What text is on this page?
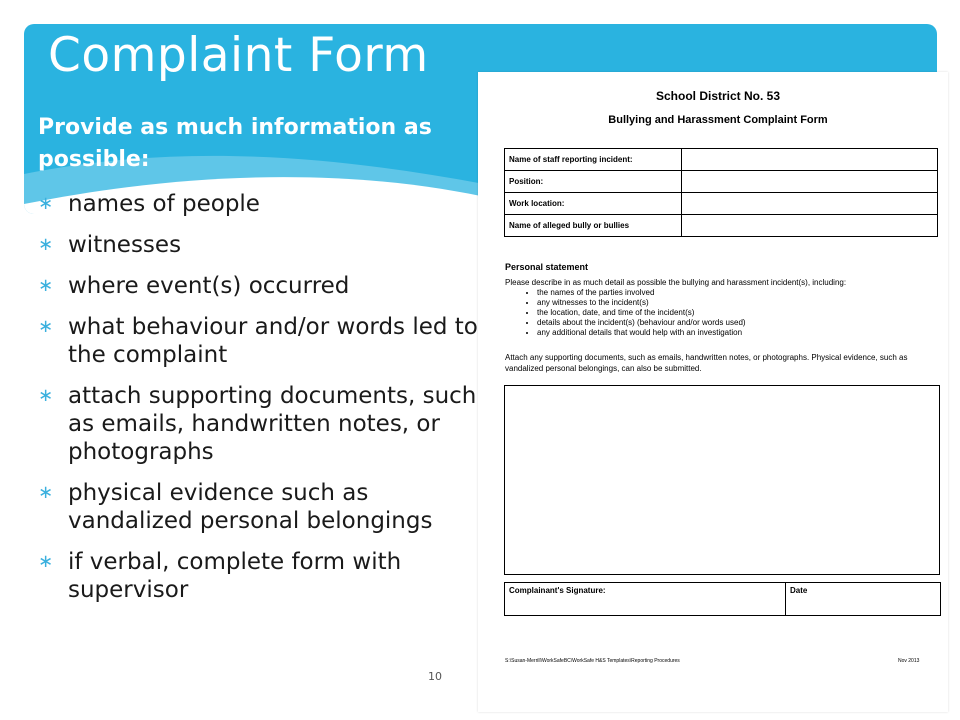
Complaint Form
Provide as much information as possible:
∗ names of people
∗ witnesses
∗ where event(s) occurred
∗ what behaviour and/or words led to the complaint
∗ attach supporting documents, such as emails, handwritten notes, or photographs
∗ physical evidence such as vandalized personal belongings
∗ if verbal, complete form with supervisor
10
School District No. 53
Bullying and Harassment Complaint Form
Name of staff reporting incident:	
Position:	
Work location:	
Name of alleged bully or bullies	
Personal statement
Please describe in as much detail as possible the bullying and harassment incident(s), including:
• the names of the parties involved
• any witnesses to the incident(s)
• the location, date, and time of the incident(s)
• details about the incident(s) (behaviour and/or words used)
• any additional details that would help with an investigation
Attach any supporting documents, such as emails, handwritten notes, or photographs. Physical evidence, such as vandalized personal belongings, can also be submitted.
Complainant's Signature:	Date
S:\Susan-Merrill\WorkSafeBC\WorkSafe H&S Templates\Reporting Procedures	Nov 2013
